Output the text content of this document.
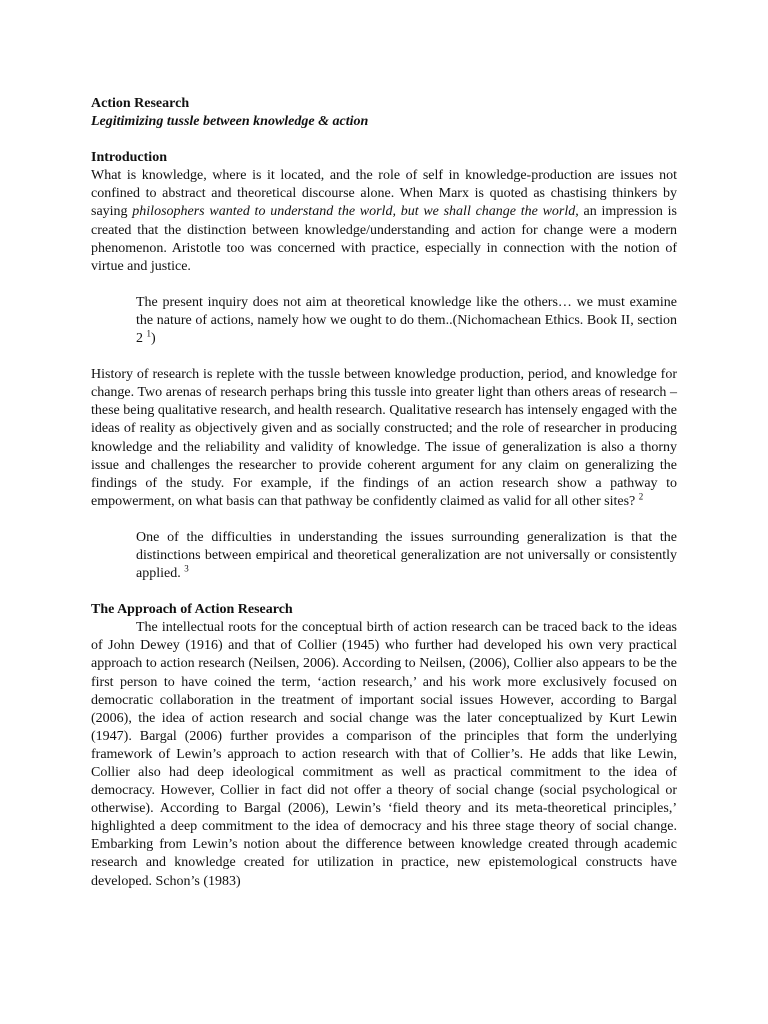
Action Research
Legitimizing tussle between knowledge & action
Introduction

What is knowledge, where is it located, and the role of self in knowledge-production are issues not confined to abstract and theoretical discourse alone. When Marx is quoted as chastising thinkers by saying philosophers wanted to understand the world, but we shall change the world, an impression is created that the distinction between knowledge/understanding and action for change were a modern phenomenon. Aristotle too was concerned with practice, especially in connection with the notion of virtue and justice.

The present inquiry does not aim at theoretical knowledge like the others… we must examine the nature of actions, namely how we ought to do them..(Nichomachean Ethics. Book II, section 2 $^1$)

History of research is replete with the tussle between knowledge production, period, and knowledge for change. Two arenas of research perhaps bring this tussle into greater light than others areas of research – these being qualitative research, and health research. Qualitative research has intensely engaged with the ideas of reality as objectively given and as socially constructed; and the role of researcher in producing knowledge and the reliability and validity of knowledge. The issue of generalization is also a thorny issue and challenges the researcher to provide coherent argument for any claim on generalizing the findings of the study. For example, if the findings of an action research show a pathway to empowerment, on what basis can that pathway be confidently claimed as valid for all other sites? $^2$

One of the difficulties in understanding the issues surrounding generalization is that the distinctions between empirical and theoretical generalization are not universally or consistently applied. $^3$

The Approach of Action Research

The intellectual roots for the conceptual birth of action research can be traced back to the ideas of John Dewey (1916) and that of Collier (1945) who further had developed his own very practical approach to action research (Neilsen, 2006). According to Neilsen, (2006), Collier also appears to be the first person to have coined the term, ‘action research,’ and his work more exclusively focused on democratic collaboration in the treatment of important social issues However, according to Bargal (2006), the idea of action research and social change was the later conceptualized by Kurt Lewin (1947). Bargal (2006) further provides a comparison of the principles that form the underlying framework of Lewin’s approach to action research with that of Collier’s. He adds that like Lewin, Collier also had deep ideological commitment as well as practical commitment to the idea of democracy. However, Collier in fact did not offer a theory of social change (social psychological or otherwise). According to Bargal (2006), Lewin’s ‘field theory and its meta-theoretical principles,’ highlighted a deep commitment to the idea of democracy and his three stage theory of social change. Embarking from Lewin’s notion about the difference between knowledge created through academic research and knowledge created for utilization in practice, new epistemological constructs have developed. Schon’s (1983)
